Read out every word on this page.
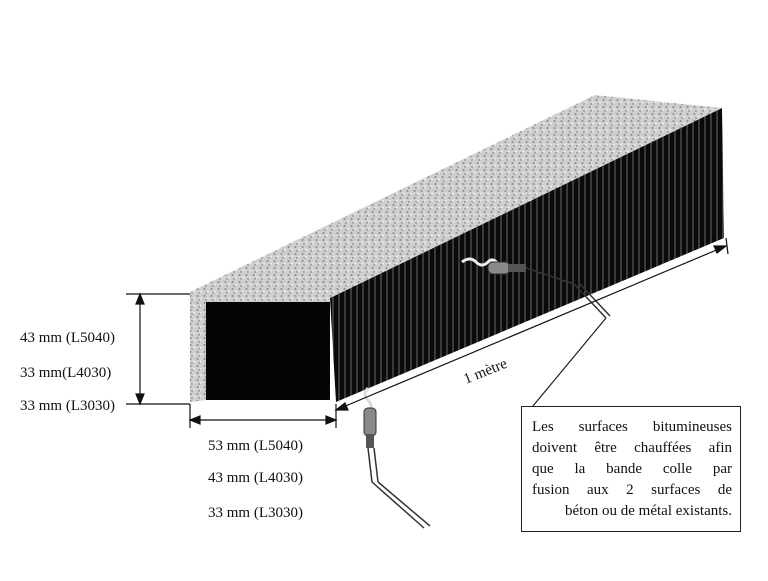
1 mètre
43 mm (L5040)
33 mm(L4030)
33 mm (L3030)
53 mm (L5040)
43 mm (L4030)
33 mm (L3030)
Les surfaces bitumineuses
doivent être chauffées afin
que la bande colle par
fusion aux 2 surfaces de
béton ou de métal existants.
